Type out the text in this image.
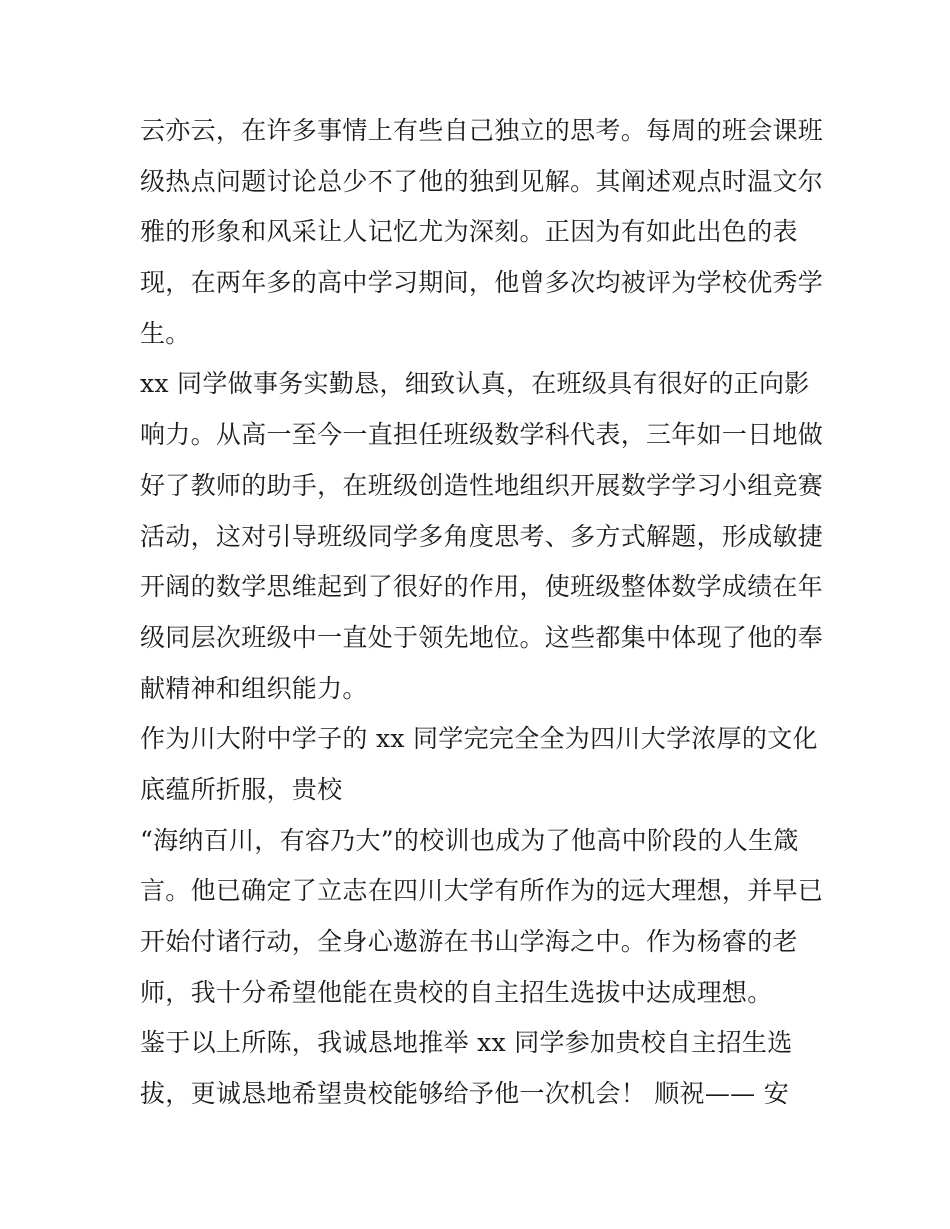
云亦云，在许多事情上有些自己独立的思考。每周的班会课班
级热点问题讨论总少不了他的独到见解。其阐述观点时温文尔
雅的形象和风采让人记忆尤为深刻。正因为有如此出色的表
现，在两年多的高中学习期间，他曾多次均被评为学校优秀学
生。
xx 同学做事务实勤恳，细致认真，在班级具有很好的正向影
响力。从高一至今一直担任班级数学科代表，三年如一日地做
好了教师的助手，在班级创造性地组织开展数学学习小组竞赛
活动，这对引导班级同学多角度思考、多方式解题，形成敏捷
开阔的数学思维起到了很好的作用，使班级整体数学成绩在年
级同层次班级中一直处于领先地位。这些都集中体现了他的奉
献精神和组织能力。
作为川大附中学子的 xx 同学完完全全为四川大学浓厚的文化
底蕴所折服，贵校
“海纳百川，有容乃大”的校训也成为了他高中阶段的人生箴
言。他已确定了立志在四川大学有所作为的远大理想，并早已
开始付诸行动，全身心遨游在书山学海之中。作为杨睿的老
师，我十分希望他能在贵校的自主招生选拔中达成理想。
鉴于以上所陈，我诚恳地推举 xx 同学参加贵校自主招生选
拔，更诚恳地希望贵校能够给予他一次机会！ 顺祝—— 安
